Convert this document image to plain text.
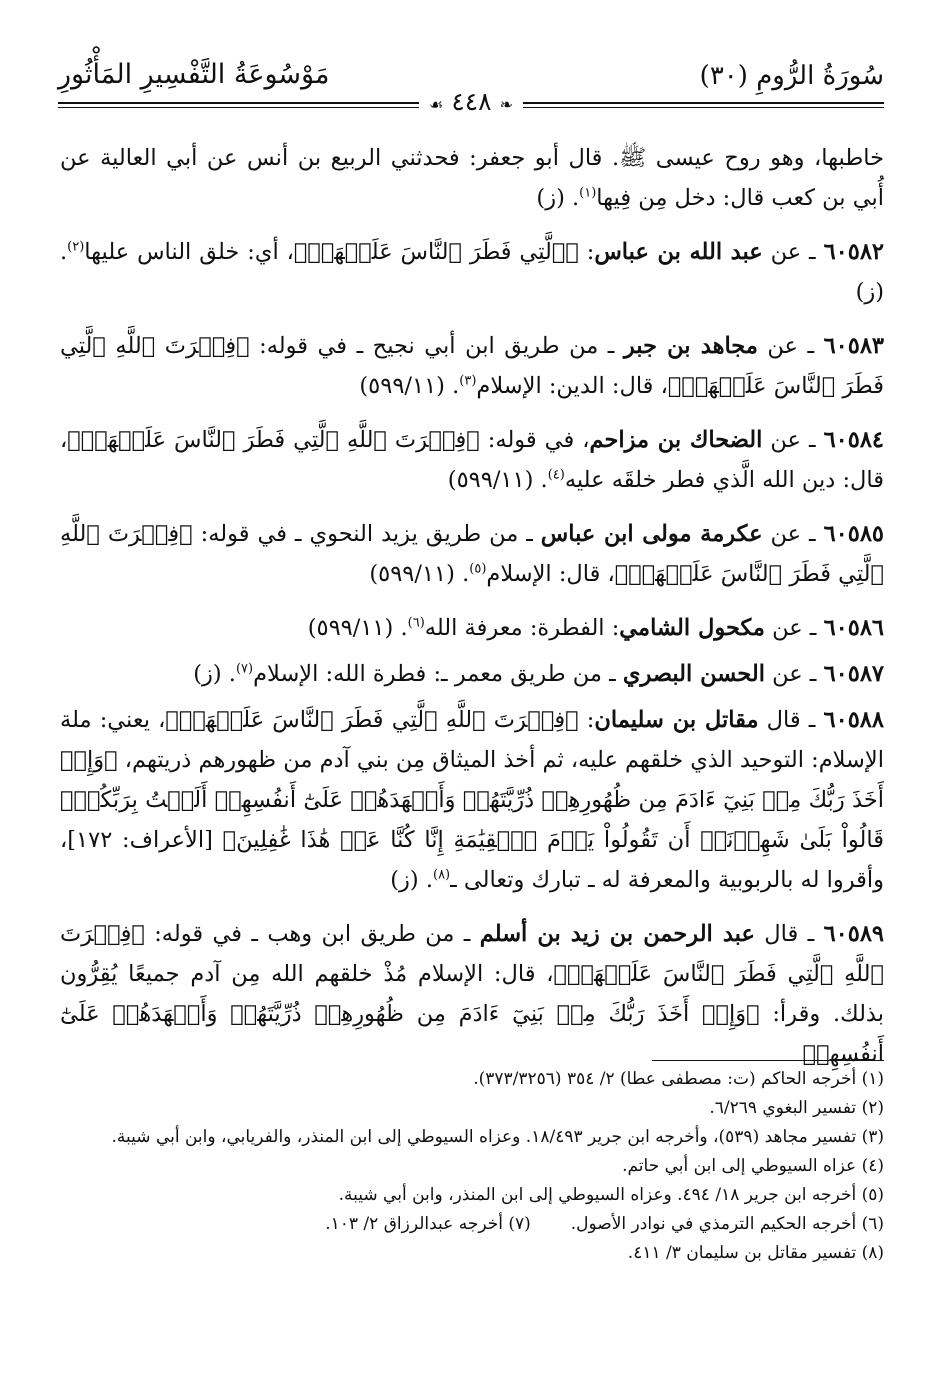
سُورَةُ الرُّومِ (٣٠)
مَوْسُوعَةُ التَّفْسِيرِ المَأْثُورِ
❧ ٤٤٨ ☙

خاطبها، وهو روح عيسى ﷺ. قال أبو جعفر: فحدثني الربيع بن أنس عن أبي العالية عن أُبي بن كعب قال: دخل مِن فِيها$^{(١)}$. (ز)

٦٠٥٨٢ ـ عن عبد الله بن عباس: ﴿ٱلَّتِي فَطَرَ ٱلنَّاسَ عَلَيۡهَاۚ﴾، أي: خلق الناس عليها$^{(٢)}$. (ز)

٦٠٥٨٣ ـ عن مجاهد بن جبر ـ من طريق ابن أبي نجيح ـ في قوله: ﴿فِطۡرَتَ ٱللَّهِ ٱلَّتِي فَطَرَ ٱلنَّاسَ عَلَيۡهَاۚ﴾، قال: الدين: الإسلام$^{(٣)}$. (٥٩٩/١١)

٦٠٥٨٤ ـ عن الضحاك بن مزاحم، في قوله: ﴿فِطۡرَتَ ٱللَّهِ ٱلَّتِي فَطَرَ ٱلنَّاسَ عَلَيۡهَاۚ﴾، قال: دين الله الَّذي فطر خلقَه عليه$^{(٤)}$. (٥٩٩/١١)

٦٠٥٨٥ ـ عن عكرمة مولى ابن عباس ـ من طريق يزيد النحوي ـ في قوله: ﴿فِطۡرَتَ ٱللَّهِ ٱلَّتِي فَطَرَ ٱلنَّاسَ عَلَيۡهَاۚ﴾، قال: الإسلام$^{(٥)}$. (٥٩٩/١١)

٦٠٥٨٦ ـ عن مكحول الشامي: الفطرة: معرفة الله$^{(٦)}$. (٥٩٩/١١)

٦٠٥٨٧ ـ عن الحسن البصري ـ من طريق معمر ـ: فطرة الله: الإسلام$^{(٧)}$. (ز)

٦٠٥٨٨ ـ قال مقاتل بن سليمان: ﴿فِطۡرَتَ ٱللَّهِ ٱلَّتِي فَطَرَ ٱلنَّاسَ عَلَيۡهَاۚ﴾، يعني: ملة الإسلام: التوحيد الذي خلقهم عليه، ثم أخذ الميثاق مِن بني آدم من ظهورهم ذريتهم، ﴿وَإِذۡ أَخَذَ رَبُّكَ مِنۢ بَنِيٓ ءَادَمَ مِن ظُهُورِهِمۡ ذُرِّيَّتَهُمۡ وَأَشۡهَدَهُمۡ عَلَىٰٓ أَنفُسِهِمۡ أَلَسۡتُ بِرَبِّكُمۡۖ قَالُواْ بَلَىٰ شَهِدۡنَآۚ أَن تَقُولُواْ يَوۡمَ ٱلۡقِيَٰمَةِ إِنَّا كُنَّا عَنۡ هَٰذَا غَٰفِلِينَ﴾ [الأعراف: ١٧٢]، وأقروا له بالربوبية والمعرفة له ـ تبارك وتعالى ـ$^{(٨)}$. (ز)

٦٠٥٨٩ ـ قال عبد الرحمن بن زيد بن أسلم ـ من طريق ابن وهب ـ في قوله: ﴿فِطۡرَتَ ٱللَّهِ ٱلَّتِي فَطَرَ ٱلنَّاسَ عَلَيۡهَاۚ﴾، قال: الإسلام مُذْ خلقهم الله مِن آدم جميعًا يُقِرُّون بذلك. وقرأ: ﴿وَإِذۡ أَخَذَ رَبُّكَ مِنۢ بَنِيٓ ءَادَمَ مِن ظُهُورِهِمۡ ذُرِّيَّتَهُمۡ وَأَشۡهَدَهُمۡ عَلَىٰٓ أَنفُسِهِمۡ

(١) أخرجه الحاكم (ت: مصطفى عطا) ٢/ ٣٥٤ (٣٧٣/٣٢٥٦).

(٢) تفسير البغوي ٦/٢٦٩.

(٣) تفسير مجاهد (٥٣٩)، وأخرجه ابن جرير ١٨/٤٩٣. وعزاه السيوطي إلى ابن المنذر، والفريابي، وابن أبي شيبة.

(٤) عزاه السيوطي إلى ابن أبي حاتم.

(٥) أخرجه ابن جرير ١٨/ ٤٩٤. وعزاه السيوطي إلى ابن المنذر، وابن أبي شيبة.

(٦) أخرجه الحكيم الترمذي في نوادر الأصول.
(٧) أخرجه عبدالرزاق ٢/ ١٠٣.

(٨) تفسير مقاتل بن سليمان ٣/ ٤١١.
